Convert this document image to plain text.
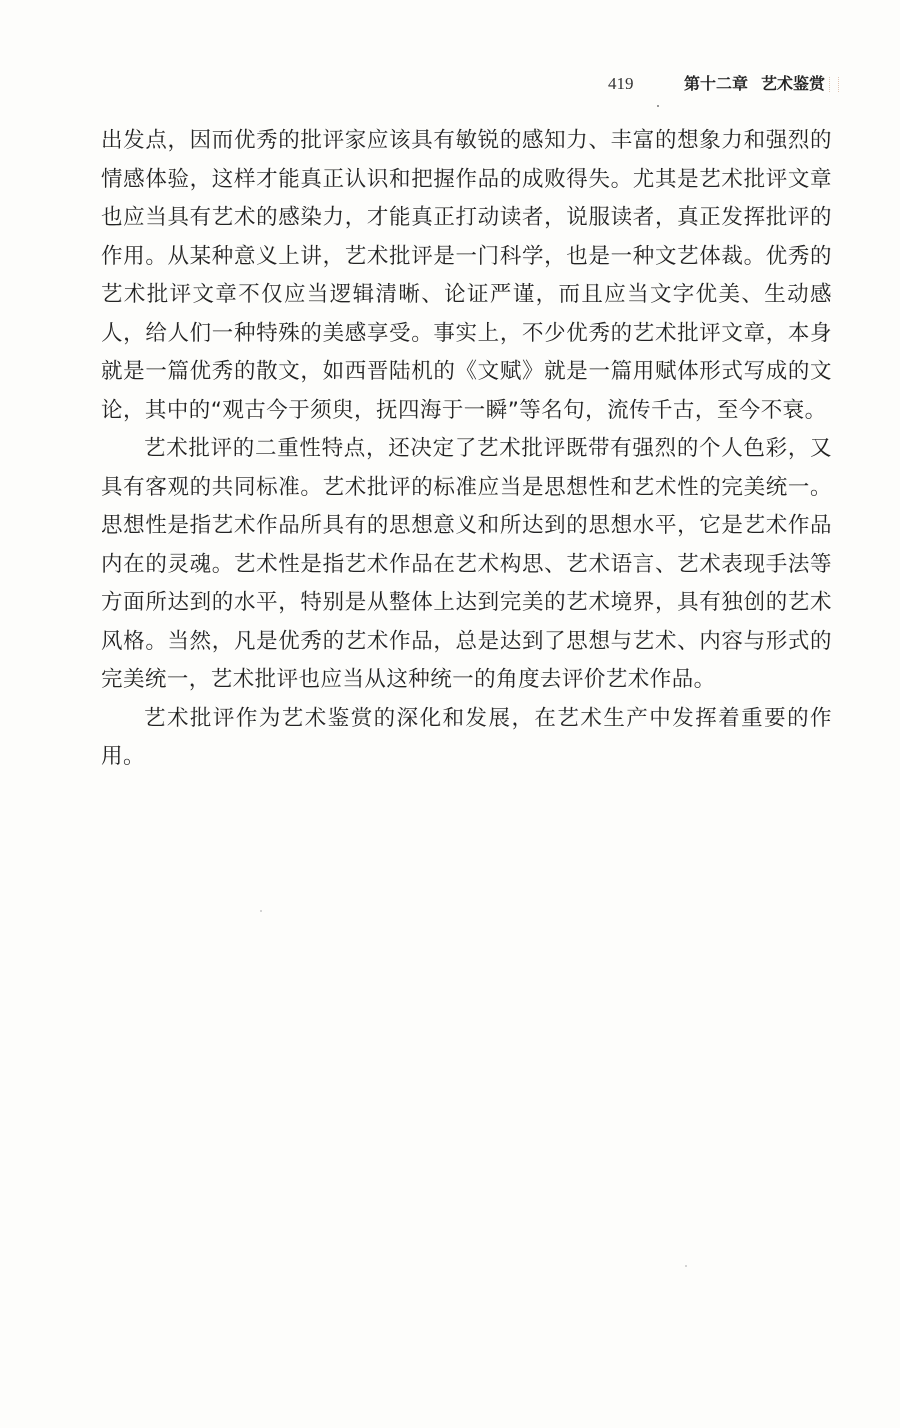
419	第十二章 艺术鉴赏

出发点，因而优秀的批评家应该具有敏锐的感知力、丰富的想象力和强烈的情感体验，这样才能真正认识和把握作品的成败得失。尤其是艺术批评文章也应当具有艺术的感染力，才能真正打动读者，说服读者，真正发挥批评的作用。从某种意义上讲，艺术批评是一门科学，也是一种文艺体裁。优秀的艺术批评文章不仅应当逻辑清晰、论证严谨，而且应当文字优美、生动感人，给人们一种特殊的美感享受。事实上，不少优秀的艺术批评文章，本身就是一篇优秀的散文，如西晋陆机的《文赋》就是一篇用赋体形式写成的文论，其中的“观古今于须臾，抚四海于一瞬”等名句，流传千古，至今不衰。

艺术批评的二重性特点，还决定了艺术批评既带有强烈的个人色彩，又具有客观的共同标准。艺术批评的标准应当是思想性和艺术性的完美统一。思想性是指艺术作品所具有的思想意义和所达到的思想水平，它是艺术作品内在的灵魂。艺术性是指艺术作品在艺术构思、艺术语言、艺术表现手法等方面所达到的水平，特别是从整体上达到完美的艺术境界，具有独创的艺术风格。当然，凡是优秀的艺术作品，总是达到了思想与艺术、内容与形式的完美统一，艺术批评也应当从这种统一的角度去评价艺术作品。

艺术批评作为艺术鉴赏的深化和发展，在艺术生产中发挥着重要的作用。
